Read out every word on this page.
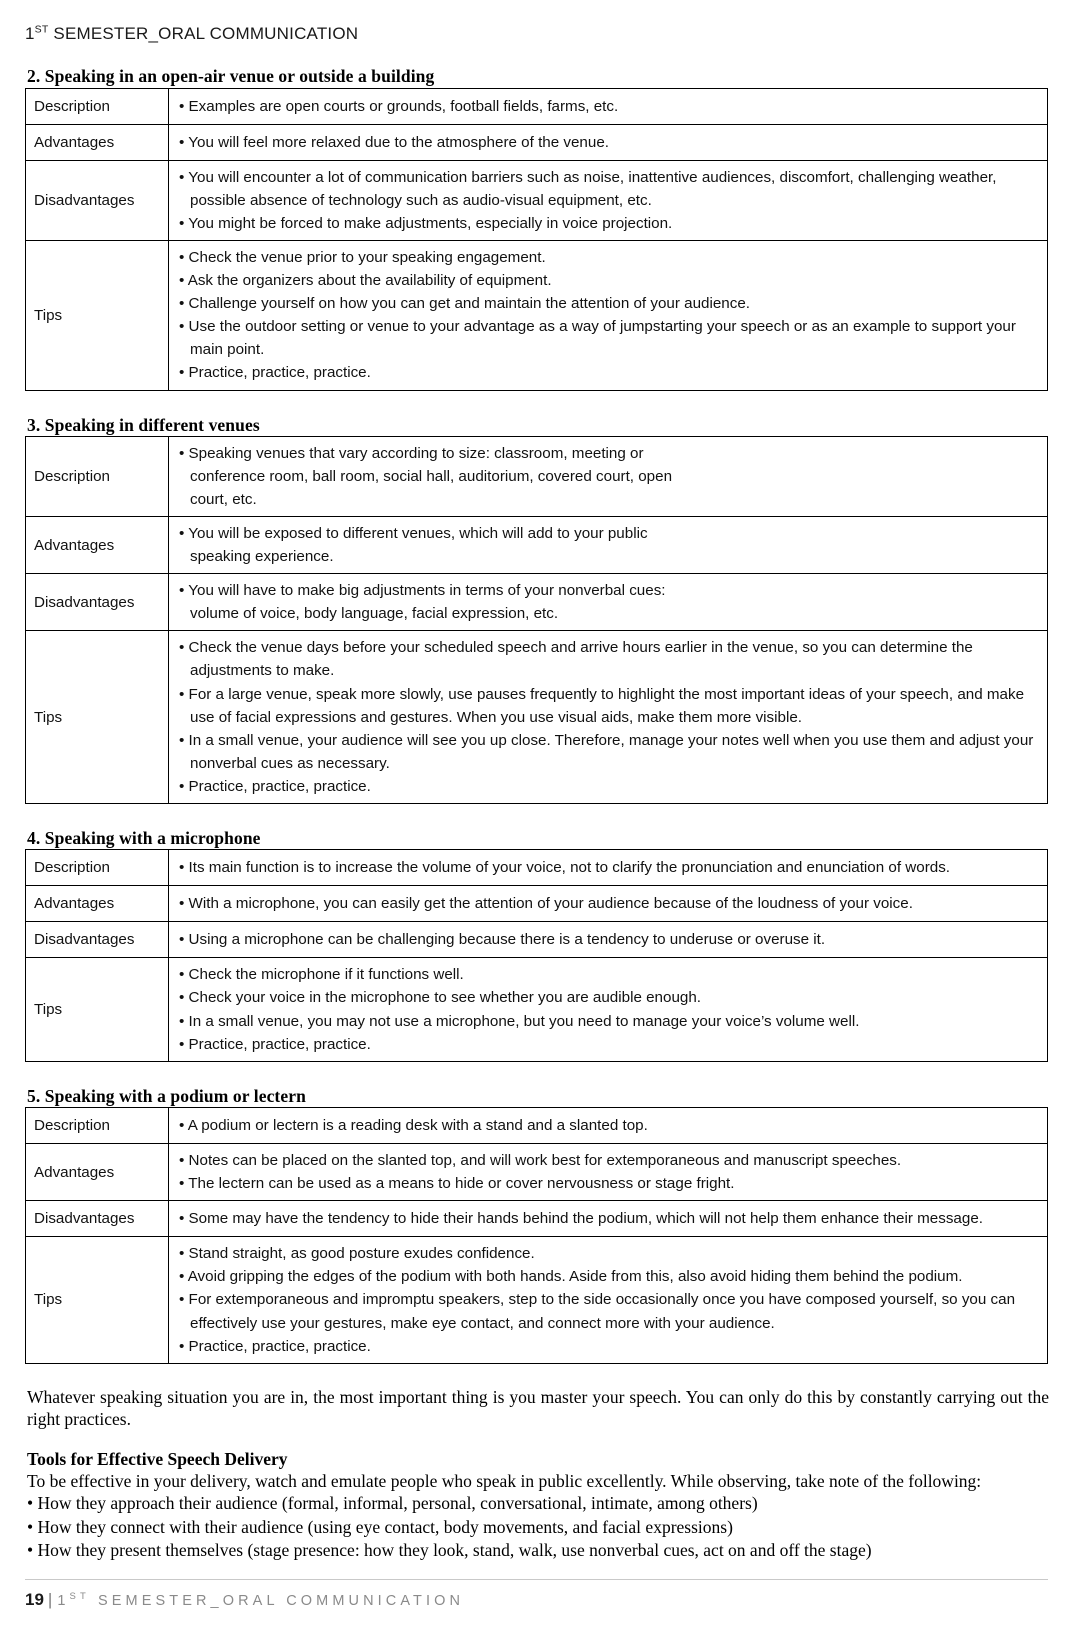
1ST SEMESTER_ORAL COMMUNICATION
2. Speaking in an open-air venue or outside a building
Description	• Examples are open courts or grounds, football fields, farms, etc.

Advantages	• You will feel more relaxed due to the atmosphere of the venue.

Disadvantages	• You will encounter a lot of communication barriers such as noise, inattentive audiences, discomfort, challenging weather, possible absence of technology such as audio-visual equipment, etc.
• You might be forced to make adjustments, especially in voice projection.

Tips	• Check the venue prior to your speaking engagement.
• Ask the organizers about the availability of equipment.
• Challenge yourself on how you can get and maintain the attention of your audience.
• Use the outdoor setting or venue to your advantage as a way of jumpstarting your speech or as an example to support your main point.
• Practice, practice, practice.
3. Speaking in different venues
Description	• Speaking venues that vary according to size: classroom, meeting or
conference room, ball room, social hall, auditorium, covered court, open
court, etc.

Advantages	• You will be exposed to different venues, which will add to your public
speaking experience.

Disadvantages	• You will have to make big adjustments in terms of your nonverbal cues:
volume of voice, body language, facial expression, etc.

Tips	• Check the venue days before your scheduled speech and arrive hours earlier in the venue, so you can determine the adjustments to make.
• For a large venue, speak more slowly, use pauses frequently to highlight the most important ideas of your speech, and make use of facial expressions and gestures. When you use visual aids, make them more visible.
• In a small venue, your audience will see you up close. Therefore, manage your notes well when you use them and adjust your nonverbal cues as necessary.
• Practice, practice, practice.
4. Speaking with a microphone
Description	• Its main function is to increase the volume of your voice, not to clarify the pronunciation and enunciation of words.

Advantages	• With a microphone, you can easily get the attention of your audience because of the loudness of your voice.

Disadvantages	• Using a microphone can be challenging because there is a tendency to underuse or overuse it.

Tips	• Check the microphone if it functions well.
• Check your voice in the microphone to see whether you are audible enough.
• In a small venue, you may not use a microphone, but you need to manage your voice’s volume well.
• Practice, practice, practice.
5. Speaking with a podium or lectern
Description	• A podium or lectern is a reading desk with a stand and a slanted top.

Advantages	• Notes can be placed on the slanted top, and will work best for extemporaneous and manuscript speeches.
• The lectern can be used as a means to hide or cover nervousness or stage fright.

Disadvantages	• Some may have the tendency to hide their hands behind the podium, which will not help them enhance their message.

Tips	• Stand straight, as good posture exudes confidence.
• Avoid gripping the edges of the podium with both hands. Aside from this, also avoid hiding them behind the podium.
• For extemporaneous and impromptu speakers, step to the side occasionally once you have composed yourself, so you can effectively use your gestures, make eye contact, and connect more with your audience.
• Practice, practice, practice.

Whatever speaking situation you are in, the most important thing is you master your speech. You can only do this by constantly carrying out the right practices.

Tools for Effective Speech Delivery

To be effective in your delivery, watch and emulate people who speak in public excellently. While observing, take note of the following:

• How they approach their audience (formal, informal, personal, conversational, intimate, among others)
• How they connect with their audience (using eye contact, body movements, and facial expressions)
• How they present themselves (stage presence: how they look, stand, walk, use nonverbal cues, act on and off the stage)
19 | 1ST SEMESTER_ORAL COMMUNICATION
